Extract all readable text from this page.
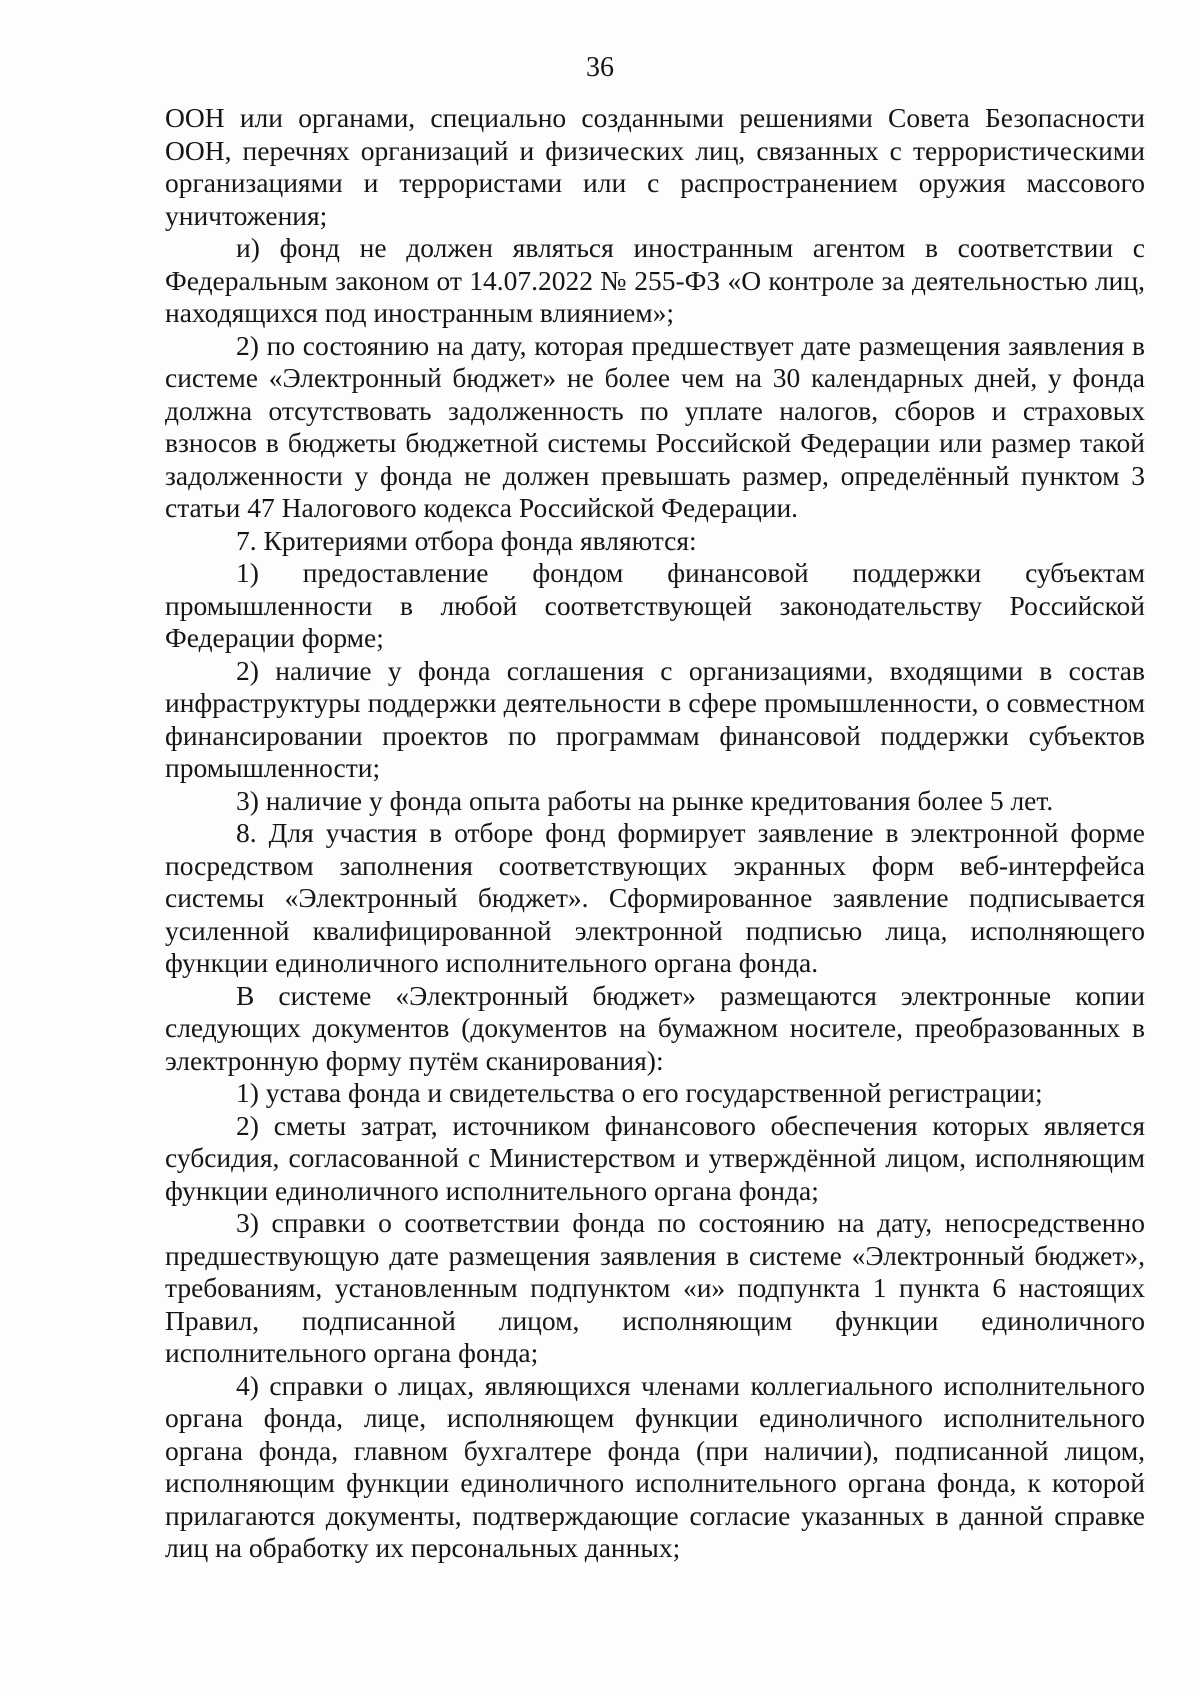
36

ООН или органами, специально созданными решениями Совета Безопасности ООН, перечнях организаций и физических лиц, связанных с террористическими организациями и террористами или с распространением оружия массового уничтожения;

и) фонд не должен являться иностранным агентом в соответствии с Федеральным законом от 14.07.2022 № 255-ФЗ «О контроле за деятельностью лиц, находящихся под иностранным влиянием»;

2) по состоянию на дату, которая предшествует дате размещения заявления в системе «Электронный бюджет» не более чем на 30 календарных дней, у фонда должна отсутствовать задолженность по уплате налогов, сборов и страховых взносов в бюджеты бюджетной системы Российской Федерации или размер такой задолженности у фонда не должен превышать размер, определённый пунктом 3 статьи 47 Налогового кодекса Российской Федерации.

7. Критериями отбора фонда являются:

1) предоставление фондом финансовой поддержки субъектам промышленности в любой соответствующей законодательству Российской Федерации форме;

2) наличие у фонда соглашения с организациями, входящими в состав инфраструктуры поддержки деятельности в сфере промышленности, о совместном финансировании проектов по программам финансовой поддержки субъектов промышленности;

3) наличие у фонда опыта работы на рынке кредитования более 5 лет.

8. Для участия в отборе фонд формирует заявление в электронной форме посредством заполнения соответствующих экранных форм веб-интерфейса системы «Электронный бюджет». Сформированное заявление подписывается усиленной квалифицированной электронной подписью лица, исполняющего функции единоличного исполнительного органа фонда.

В системе «Электронный бюджет» размещаются электронные копии следующих документов (документов на бумажном носителе, преобразованных в электронную форму путём сканирования):

1) устава фонда и свидетельства о его государственной регистрации;

2) сметы затрат, источником финансового обеспечения которых является субсидия, согласованной с Министерством и утверждённой лицом, исполняющим функции единоличного исполнительного органа фонда;

3) справки о соответствии фонда по состоянию на дату, непосредственно предшествующую дате размещения заявления в системе «Электронный бюджет», требованиям, установленным подпунктом «и» подпункта 1 пункта 6 настоящих Правил, подписанной лицом, исполняющим функции единоличного исполнительного органа фонда;

4) справки о лицах, являющихся членами коллегиального исполнительного органа фонда, лице, исполняющем функции единоличного исполнительного органа фонда, главном бухгалтере фонда (при наличии), подписанной лицом, исполняющим функции единоличного исполнительного органа фонда, к которой прилагаются документы, подтверждающие согласие указанных в данной справке лиц на обработку их персональных данных;
